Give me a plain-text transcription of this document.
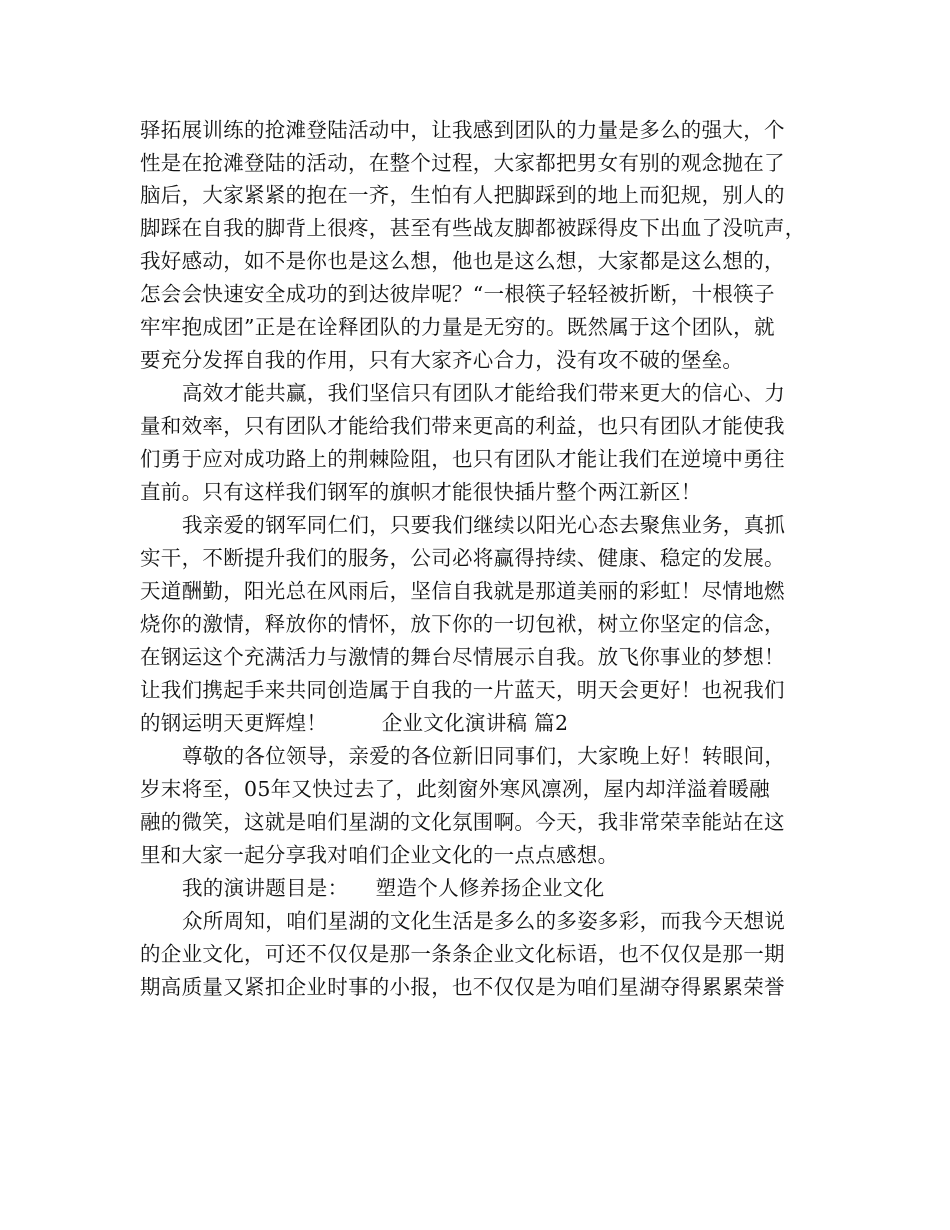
驿拓展训练的抢滩登陆活动中，让我感到团队的力量是多么的强大，个
性是在抢滩登陆的活动，在整个过程，大家都把男女有别的观念抛在了
脑后，大家紧紧的抱在一齐，生怕有人把脚踩到的地上而犯规，别人的
脚踩在自我的脚背上很疼，甚至有些战友脚都被踩得皮下出血了没吭声，
我好感动，如不是你也是这么想，他也是这么想，大家都是这么想的，
怎会会快速安全成功的到达彼岸呢？“一根筷子轻轻被折断，十根筷子
牢牢抱成团”正是在诠释团队的力量是无穷的。既然属于这个团队，就
要充分发挥自我的作用，只有大家齐心合力，没有攻不破的堡垒。
高效才能共赢，我们坚信只有团队才能给我们带来更大的信心、力
量和效率，只有团队才能给我们带来更高的利益，也只有团队才能使我
们勇于应对成功路上的荆棘险阻，也只有团队才能让我们在逆境中勇往
直前。只有这样我们钢军的旗帜才能很快插片整个两江新区！
我亲爱的钢军同仁们，只要我们继续以阳光心态去聚焦业务，真抓
实干，不断提升我们的服务，公司必将赢得持续、健康、稳定的发展。
天道酬勤，阳光总在风雨后，坚信自我就是那道美丽的彩虹！尽情地燃
烧你的激情，释放你的情怀，放下你的一切包袱，树立你坚定的信念，
在钢运这个充满活力与激情的舞台尽情展示自我。放飞你事业的梦想！
让我们携起手来共同创造属于自我的一片蓝天，明天会更好！也祝我们
的钢运明天更辉煌！        企业文化演讲稿 篇2
尊敬的各位领导，亲爱的各位新旧同事们，大家晚上好！转眼间，
岁末将至，05年又快过去了，此刻窗外寒风凛冽，屋内却洋溢着暖融
融的微笑，这就是咱们星湖的文化氛围啊。今天，我非常荣幸能站在这
里和大家一起分享我对咱们企业文化的一点点感想。
我的演讲题目是：    塑造个人修养扬企业文化
众所周知，咱们星湖的文化生活是多么的多姿多彩，而我今天想说
的企业文化，可还不仅仅是那一条条企业文化标语，也不仅仅是那一期
期高质量又紧扣企业时事的小报，也不仅仅是为咱们星湖夺得累累荣誉
